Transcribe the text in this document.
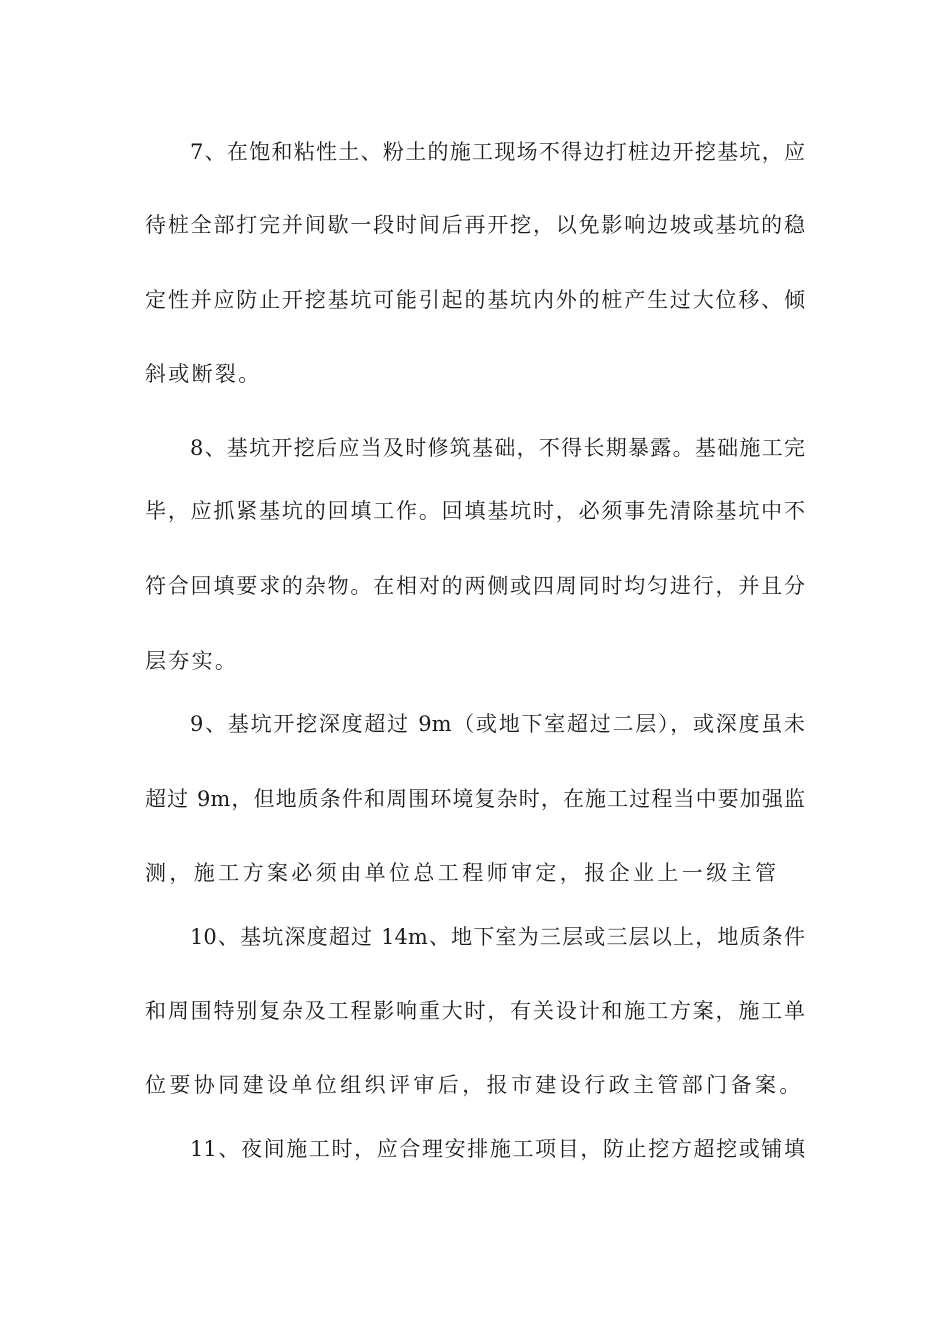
7、在饱和粘性土、粉土的施工现场不得边打桩边开挖基坑，应
待桩全部打完并间歇一段时间后再开挖，以免影响边坡或基坑的稳
定性并应防止开挖基坑可能引起的基坑内外的桩产生过大位移、倾
斜或断裂。
8、基坑开挖后应当及时修筑基础，不得长期暴露。基础施工完
毕，应抓紧基坑的回填工作。回填基坑时，必须事先清除基坑中不
符合回填要求的杂物。在相对的两侧或四周同时均匀进行，并且分
层夯实。
9、基坑开挖深度超过 9m（或地下室超过二层），或深度虽未
超过 9m，但地质条件和周围环境复杂时，在施工过程当中要加强监
测，施工方案必须由单位总工程师审定，报企业上一级主管
10、基坑深度超过 14m、地下室为三层或三层以上，地质条件
和周围特别复杂及工程影响重大时，有关设计和施工方案，施工单
位要协同建设单位组织评审后，报市建设行政主管部门备案。
11、夜间施工时，应合理安排施工项目，防止挖方超挖或铺填
